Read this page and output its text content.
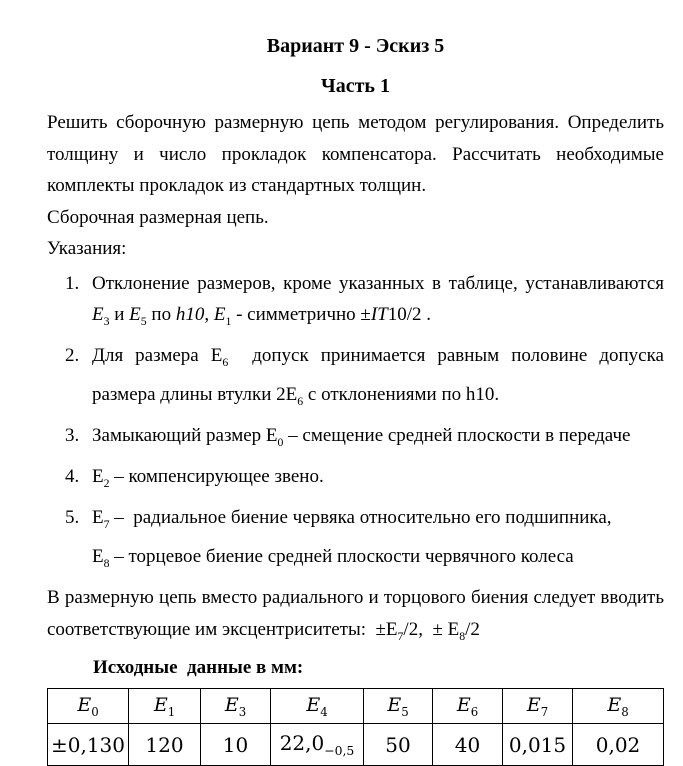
Вариант 9 - Эскиз 5
Часть 1

Решить сборочную размерную цепь методом регулирования. Определить толщину и число прокладок компенсатора. Рассчитать необходимые комплекты прокладок из стандартных толщин.

Сборочная размерная цепь.

Указания:

1. Отклонение размеров, кроме указанных в таблице, устанавливаются $E_3$ и $E_5$ по h10, $E_1$ - симметрично ±IT10/2 .
2. Для размера $Е_6$  допуск принимается равным половине допуска размера длины втулки $2Е_6$ с отклонениями по h10.
3. Замыкающий размер $Е_0$ – смещение средней плоскости в передаче
4. $Е_2$ – компенсирующее звено.
5. $Е_7$ –  радиальное биение червяка относительно его подшипника,
$Е_8$ – торцевое биение средней плоскости червячного колеса

В размерную цепь вместо радиального и торцового биения следует вводить соответствующие им эксцентриситеты:  $\pm Е_7/2$,  ± $Е_8/2$

Исходные  данные в мм:

$E_0$	$E_1$	$E_3$	$E_4$	$E_5$	$E_6$	$E_7$	$E_8$
±0,130	120	10	$22,0_{-0,5}$	50	40	0,015	0,02
